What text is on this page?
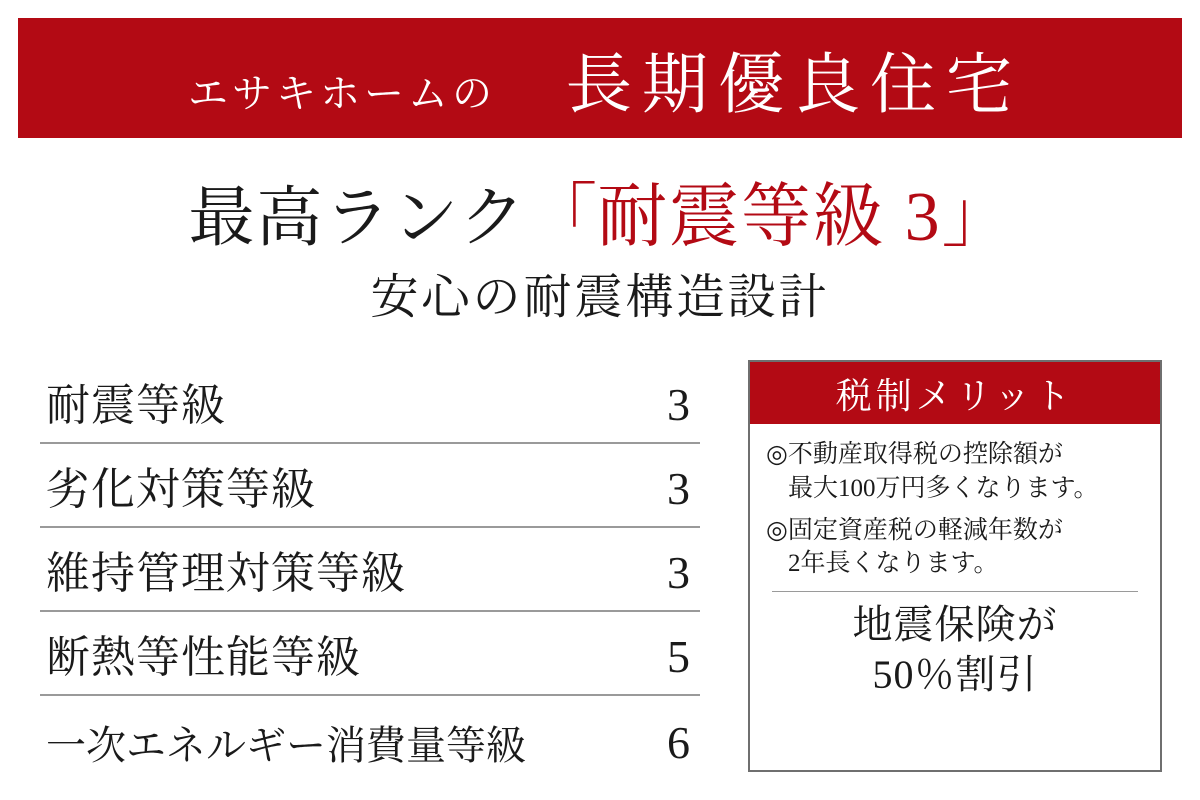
エサキホームの 長期優良住宅
最高ランク「耐震等級 3」
安心の耐震構造設計
耐震等級	3
劣化対策等級	3
維持管理対策等級	3
断熱等性能等級	5
一次エネルギー消費量等級	6
税制メリット
◎不動産取得税の控除額が
最大100万円多くなります。
◎固定資産税の軽減年数が
2年長くなります。
地震保険が
50％割引
